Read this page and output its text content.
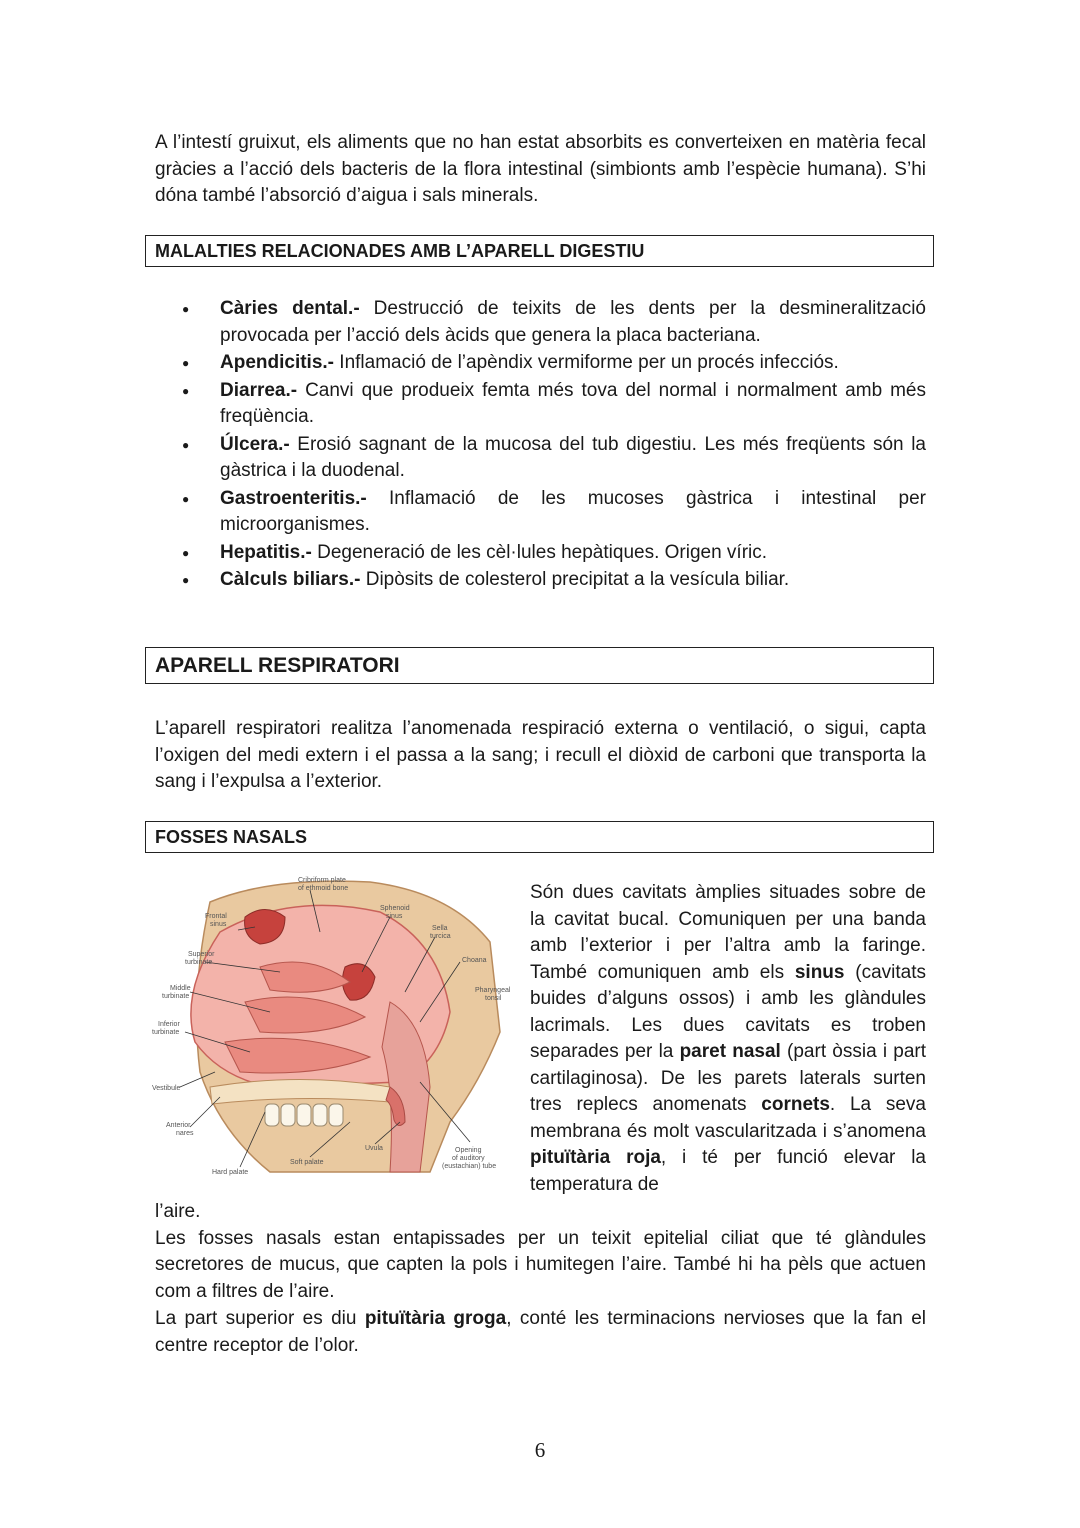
A l’intestí gruixut, els aliments que no han estat absorbits es converteixen en matèria fecal gràcies a l’acció dels bacteris de la flora intestinal (simbionts amb l’espècie humana). S’hi dóna també l’absorció d’aigua i sals minerals.

MALALTIES RELACIONADES AMB L’APARELL DIGESTIU

● Càries dental.- Destrucció de teixits de les dents per la desmineralització provocada per l’acció dels àcids que genera la placa bacteriana.
● Apendicitis.- Inflamació de l’apèndix vermiforme per un procés infecciós.
● Diarrea.- Canvi que produeix femta més tova del normal i normalment amb més freqüència.
● Úlcera.- Erosió sagnant de la mucosa del tub digestiu. Les més freqüents són la gàstrica i la duodenal.
● Gastroenteritis.- Inflamació de les mucoses gàstrica i intestinal per microorganismes.
● Hepatitis.- Degeneració de les cèl·lules hepàtiques. Origen víric.
● Càlculs biliars.- Dipòsits de colesterol precipitat a la vesícula biliar.

APARELL RESPIRATORI

L’aparell respiratori realitza l’anomenada respiració externa o ventilació, o sigui, capta l’oxigen del medi extern i el passa a la sang; i recull el diòxid de carboni que transporta la sang i l’expulsa a l’exterior.

FOSSES NASALS

Cribriform plate
of ethmoid bone
Frontal
sinus
Sphenoid
sinus
Sella
turcica
Choana
Superior
turbinate
Middle
turbinate
Pharyngeal
tonsil
Inferior
turbinate
Vestibule
Anterior
nares
Uvula
Soft palate
Hard palate
Opening
of auditory
(eustachian) tube

Són dues cavitats àmplies situades sobre de la cavitat bucal. Comuniquen per una banda amb l’exterior i per l’altra amb la faringe. També comuniquen amb els sinus (cavitats buides d’alguns ossos) i amb les glàndules lacrimals. Les dues cavitats es troben separades per la paret nasal (part òssia i part cartilaginosa). De les parets laterals surten tres replecs anomenats cornets. La seva membrana és molt vascularitzada i s’anomena pituïtària roja, i té per funció elevar la temperatura de

l’aire.
Les fosses nasals estan entapissades per un teixit epitelial ciliat que té glàndules secretores de mucus, que capten la pols i humitegen l’aire. També hi ha pèls que actuen com a filtres de l’aire.

La part superior es diu pituïtària groga, conté les terminacions nervioses que la fan el centre receptor de l’olor.

6
